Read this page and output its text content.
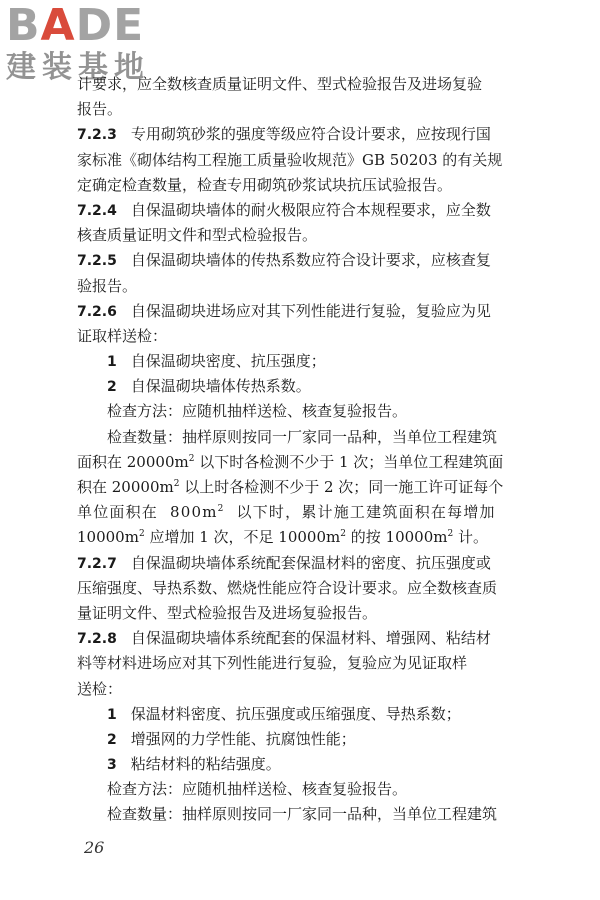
BADE
建装基地
计要求，应全数核查质量证明文件、型式检验报告及进场复验
报告。
7.2.3 专用砌筑砂浆的强度等级应符合设计要求，应按现行国
家标准《砌体结构工程施工质量验收规范》GB 50203 的有关规
定确定检查数量，检查专用砌筑砂浆试块抗压试验报告。
7.2.4 自保温砌块墙体的耐火极限应符合本规程要求，应全数
核查质量证明文件和型式检验报告。
7.2.5 自保温砌块墙体的传热系数应符合设计要求，应核查复
验报告。
7.2.6 自保温砌块进场应对其下列性能进行复验，复验应为见
证取样送检：
1 自保温砌块密度、抗压强度；
2 自保温砌块墙体传热系数。
检查方法：应随机抽样送检、核查复验报告。
检查数量：抽样原则按同一厂家同一品种，当单位工程建筑
面积在 $20000m^2$ 以下时各检测不少于 1 次；当单位工程建筑面
积在 $20000m^2$ 以上时各检测不少于 2 次；同一施工许可证每个
单位面积在 $800m^2$ 以下时，累计施工建筑面积在每增加
$10000m^2$ 应增加 1 次，不足 $10000m^2$ 的按 $10000m^2$ 计。
7.2.7 自保温砌块墙体系统配套保温材料的密度、抗压强度或
压缩强度、导热系数、燃烧性能应符合设计要求。应全数核查质
量证明文件、型式检验报告及进场复验报告。
7.2.8 自保温砌块墙体系统配套的保温材料、增强网、粘结材
料等材料进场应对其下列性能进行复验，复验应为见证取样
送检：
1 保温材料密度、抗压强度或压缩强度、导热系数；
2 增强网的力学性能、抗腐蚀性能；
3 粘结材料的粘结强度。
检查方法：应随机抽样送检、核查复验报告。
检查数量：抽样原则按同一厂家同一品种，当单位工程建筑
26
